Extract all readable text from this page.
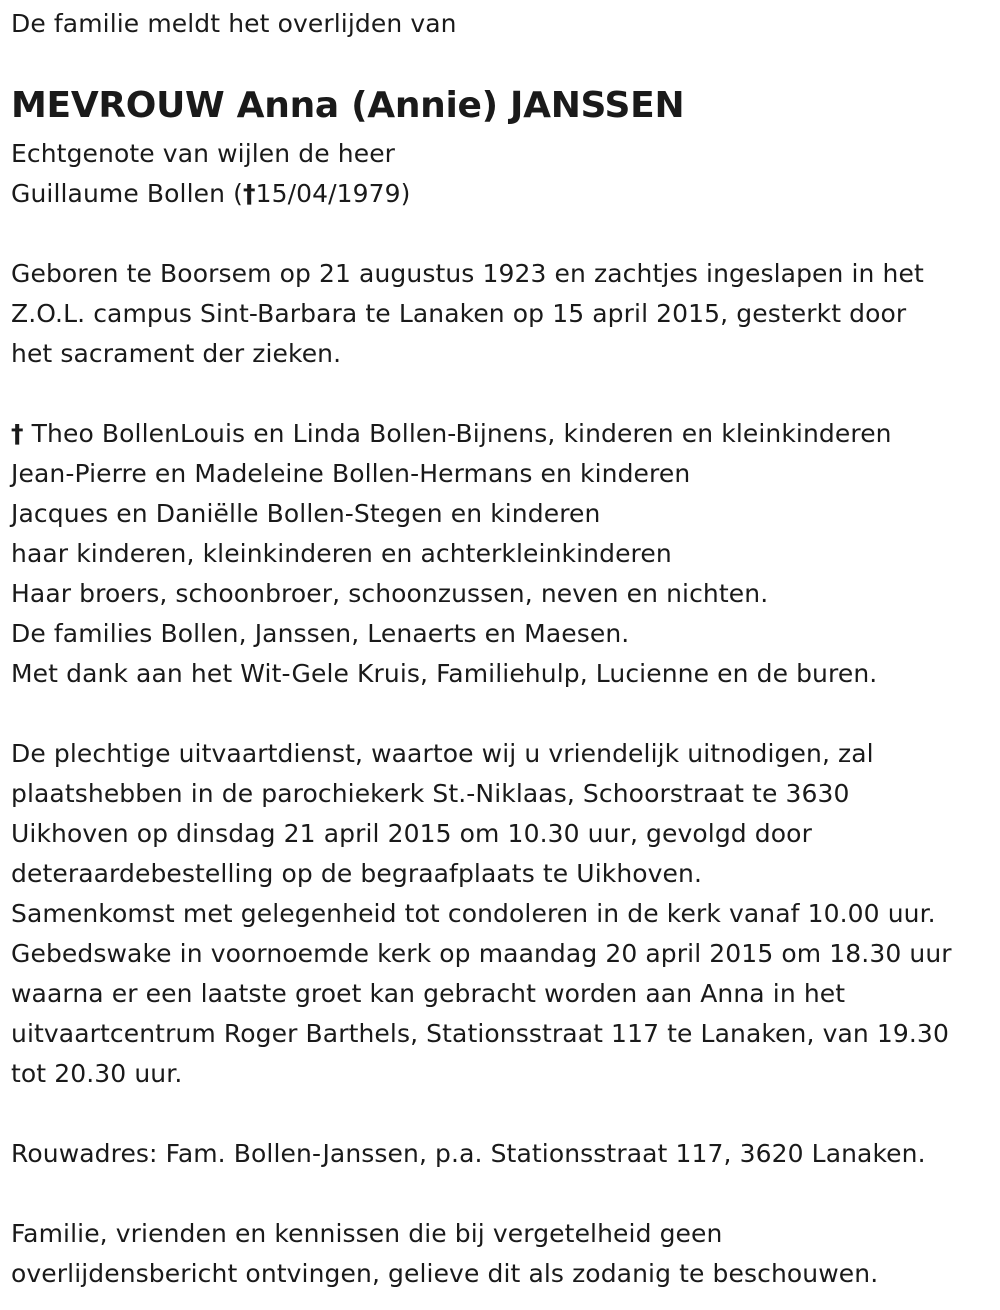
De familie meldt het overlijden van
MEVROUW Anna (Annie) JANSSEN
Echtgenote van wijlen de heer
Guillaume Bollen (†15/04/1979)
Geboren te Boorsem op 21 augustus 1923 en zachtjes ingeslapen in het
Z.O.L. campus Sint-Barbara te Lanaken op 15 april 2015, gesterkt door
het sacrament der zieken.
† Theo BollenLouis en Linda Bollen-Bijnens, kinderen en kleinkinderen
Jean-Pierre en Madeleine Bollen-Hermans en kinderen
Jacques en Daniëlle Bollen-Stegen en kinderen
haar kinderen, kleinkinderen en achterkleinkinderen
Haar broers, schoonbroer, schoonzussen, neven en nichten.
De families Bollen, Janssen, Lenaerts en Maesen.
Met dank aan het Wit-Gele Kruis, Familiehulp, Lucienne en de buren.
De plechtige uitvaartdienst, waartoe wij u vriendelijk uitnodigen, zal
plaatshebben in de parochiekerk St.-Niklaas, Schoorstraat te 3630
Uikhoven op dinsdag 21 april 2015 om 10.30 uur, gevolgd door
deteraardebestelling op de begraafplaats te Uikhoven.
Samenkomst met gelegenheid tot condoleren in de kerk vanaf 10.00 uur.
Gebedswake in voornoemde kerk op maandag 20 april 2015 om 18.30 uur
waarna er een laatste groet kan gebracht worden aan Anna in het
uitvaartcentrum Roger Barthels, Stationsstraat 117 te Lanaken, van 19.30
tot 20.30 uur.
Rouwadres: Fam. Bollen-Janssen, p.a. Stationsstraat 117, 3620 Lanaken.
Familie, vrienden en kennissen die bij vergetelheid geen
overlijdensbericht ontvingen, gelieve dit als zodanig te beschouwen.
